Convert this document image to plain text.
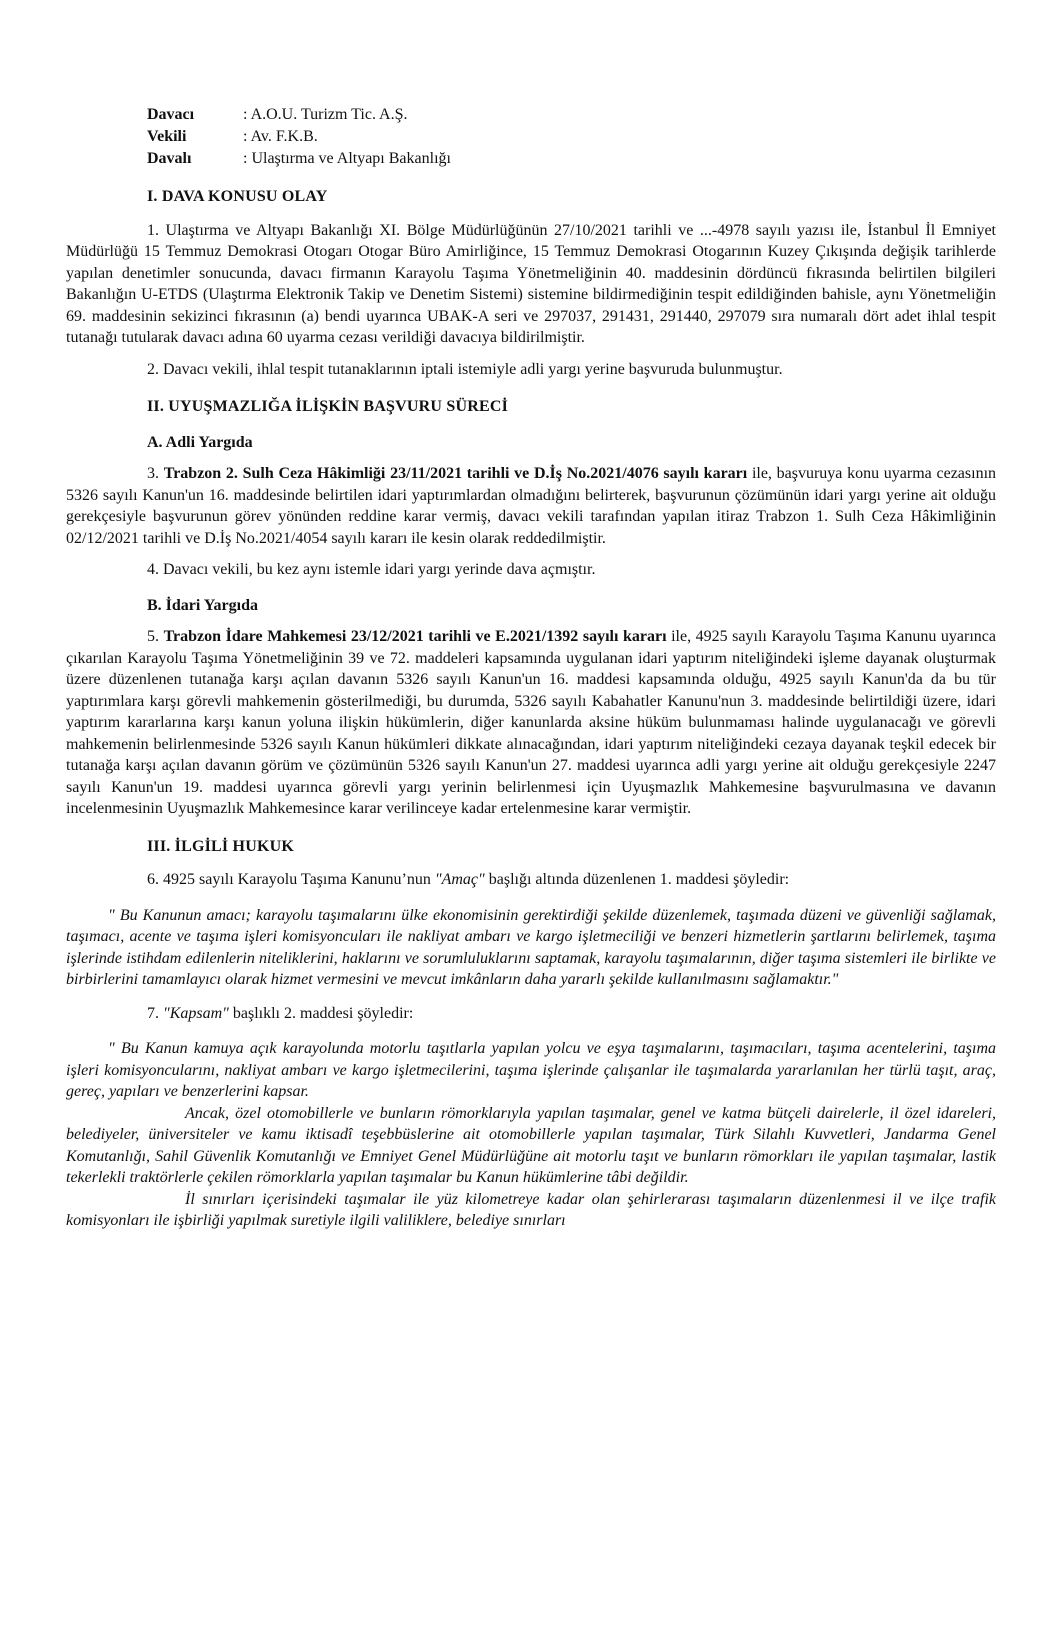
Davacı	: A.O.U. Turizm Tic. A.Ş.
Vekili	: Av. F.K.B.
Davalı	: Ulaştırma ve Altyapı Bakanlığı
I. DAVA KONUSU OLAY

1. Ulaştırma ve Altyapı Bakanlığı XI. Bölge Müdürlüğünün 27/10/2021 tarihli ve ...-4978 sayılı yazısı ile, İstanbul İl Emniyet Müdürlüğü 15 Temmuz Demokrasi Otogarı Otogar Büro Amirliğince, 15 Temmuz Demokrasi Otogarının Kuzey Çıkışında değişik tarihlerde yapılan denetimler sonucunda, davacı firmanın Karayolu Taşıma Yönetmeliğinin 40. maddesinin dördüncü fıkrasında belirtilen bilgileri Bakanlığın U-ETDS (Ulaştırma Elektronik Takip ve Denetim Sistemi) sistemine bildirmediğinin tespit edildiğinden bahisle, aynı Yönetmeliğin 69. maddesinin sekizinci fıkrasının (a) bendi uyarınca UBAK-A seri ve 297037, 291431, 291440, 297079 sıra numaralı dört adet ihlal tespit tutanağı tutularak davacı adına 60 uyarma cezası verildiği davacıya bildirilmiştir.

2. Davacı vekili, ihlal tespit tutanaklarının iptali istemiyle adli yargı yerine başvuruda bulunmuştur.

II. UYUŞMAZLIĞA İLİŞKİN BAŞVURU SÜRECİ
A. Adli Yargıda

3. Trabzon 2. Sulh Ceza Hâkimliği 23/11/2021 tarihli ve D.İş No.2021/4076 sayılı kararı ile, başvuruya konu uyarma cezasının 5326 sayılı Kanun'un 16. maddesinde belirtilen idari yaptırımlardan olmadığını belirterek, başvurunun çözümünün idari yargı yerine ait olduğu gerekçesiyle başvurunun görev yönünden reddine karar vermiş, davacı vekili tarafından yapılan itiraz Trabzon 1. Sulh Ceza Hâkimliğinin 02/12/2021 tarihli ve D.İş No.2021/4054 sayılı kararı ile kesin olarak reddedilmiştir.

4. Davacı vekili, bu kez aynı istemle idari yargı yerinde dava açmıştır.

B. İdari Yargıda

5. Trabzon İdare Mahkemesi 23/12/2021 tarihli ve E.2021/1392 sayılı kararı ile, 4925 sayılı Karayolu Taşıma Kanunu uyarınca çıkarılan Karayolu Taşıma Yönetmeliğinin 39 ve 72. maddeleri kapsamında uygulanan idari yaptırım niteliğindeki işleme dayanak oluşturmak üzere düzenlenen tutanağa karşı açılan davanın 5326 sayılı Kanun'un 16. maddesi kapsamında olduğu, 4925 sayılı Kanun'da da bu tür yaptırımlara karşı görevli mahkemenin gösterilmediği, bu durumda, 5326 sayılı Kabahatler Kanunu'nun 3. maddesinde belirtildiği üzere, idari yaptırım kararlarına karşı kanun yoluna ilişkin hükümlerin, diğer kanunlarda aksine hüküm bulunmaması halinde uygulanacağı ve görevli mahkemenin belirlenmesinde 5326 sayılı Kanun hükümleri dikkate alınacağından, idari yaptırım niteliğindeki cezaya dayanak teşkil edecek bir tutanağa karşı açılan davanın görüm ve çözümünün 5326 sayılı Kanun'un 27. maddesi uyarınca adli yargı yerine ait olduğu gerekçesiyle 2247 sayılı Kanun'un 19. maddesi uyarınca görevli yargı yerinin belirlenmesi için Uyuşmazlık Mahkemesine başvurulmasına ve davanın incelenmesinin Uyuşmazlık Mahkemesince karar verilinceye kadar ertelenmesine karar vermiştir.

III. İLGİLİ HUKUK

6. 4925 sayılı Karayolu Taşıma Kanunu’nun "Amaç" başlığı altında düzenlenen 1. maddesi şöyledir:

" Bu Kanunun amacı; karayolu taşımalarını ülke ekonomisinin gerektirdiği şekilde düzenlemek, taşımada düzeni ve güvenliği sağlamak, taşımacı, acente ve taşıma işleri komisyoncuları ile nakliyat ambarı ve kargo işletmeciliği ve benzeri hizmetlerin şartlarını belirlemek, taşıma işlerinde istihdam edilenlerin niteliklerini, haklarını ve sorumluluklarını saptamak, karayolu taşımalarının, diğer taşıma sistemleri ile birlikte ve birbirlerini tamamlayıcı olarak hizmet vermesini ve mevcut imkânların daha yararlı şekilde kullanılmasını sağlamaktır."

7. "Kapsam" başlıklı 2. maddesi şöyledir:

" Bu Kanun kamuya açık karayolunda motorlu taşıtlarla yapılan yolcu ve eşya taşımalarını, taşımacıları, taşıma acentelerini, taşıma işleri komisyoncularını, nakliyat ambarı ve kargo işletmecilerini, taşıma işlerinde çalışanlar ile taşımalarda yararlanılan her türlü taşıt, araç, gereç, yapıları ve benzerlerini kapsar.

Ancak, özel otomobillerle ve bunların römorklarıyla yapılan taşımalar, genel ve katma bütçeli dairelerle, il özel idareleri, belediyeler, üniversiteler ve kamu iktisadî teşebbüslerine ait otomobillerle yapılan taşımalar, Türk Silahlı Kuvvetleri, Jandarma Genel Komutanlığı, Sahil Güvenlik Komutanlığı ve Emniyet Genel Müdürlüğüne ait motorlu taşıt ve bunların römorkları ile yapılan taşımalar, lastik tekerlekli traktörlerle çekilen römorklarla yapılan taşımalar bu Kanun hükümlerine tâbi değildir.

İl sınırları içerisindeki taşımalar ile yüz kilometreye kadar olan şehirlerarası taşımaların düzenlenmesi il ve ilçe trafik komisyonları ile işbirliği yapılmak suretiyle ilgili valiliklere, belediye sınırları
